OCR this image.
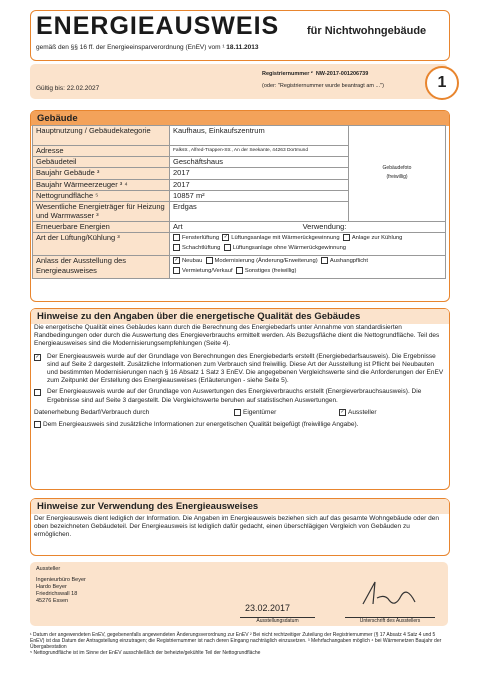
ENERGIEAUSWEIS	für Nichtwohngebäude
gemäß den §§ 16 ff. der Energieeinsparverordnung (EnEV) vom ¹ 18.11.2013
Registriernummer ² NW-2017-001206739
(oder: "Registriernummer wurde beantragt am ...")
Gültig bis: 22.02.2027	1
Gebäude
Hauptnutzung / Gebäudekategorie	Kaufhaus, Einkaufszentrum	Gebäudefoto
(freiwillig)
Adresse	Falkstr., Alfred-Trappen-Str., An der Seekante, 44263 Dortmund	
Gebäudeteil	Geschäftshaus	
Baujahr Gebäude ³	2017	
Baujahr Wärmeerzeuger ³ ⁴	2017	
Nettogrundfläche ⁵	10857 m²	
Wesentliche Energieträger für Heizung und Warmwasser ³	Erdgas	
Erneuerbare Energien	Art Verwendung:	
Art der Lüftung/Kühlung ³	Fensterlüftung ✓ Lüftungsanlage mit Wärmerückgewinnung Anlage zur Kühlung
Schachtlüftung Lüftungsanlage ohne Wärmerückgewinnung	
Anlass der Ausstellung des Energieausweises	✓ Neubau Modernisierung (Änderung/Erweiterung) Aushangpflicht
Vermietung/Verkauf Sonstiges (freiwillig)	
Hinweise zu den Angaben über die energetische Qualität des Gebäudes

Die energetische Qualität eines Gebäudes kann durch die Berechnung des Energiebedarfs unter Annahme von standardisierten Randbedingungen oder durch die Auswertung des Energieverbrauchs ermittelt werden. Als Bezugsfläche dient die Nettogrundfläche. Teil des Energieausweises sind die Modernisierungsempfehlungen (Seite 4).

✓ Der Energieausweis wurde auf der Grundlage von Berechnungen des Energiebedarfs erstellt (Energiebedarfsausweis). Die Ergebnisse sind auf Seite 2 dargestellt. Zusätzliche Informationen zum Verbrauch sind freiwillig. Diese Art der Ausstellung ist Pflicht bei Neubauten und bestimmten Modernisierungen nach § 16 Absatz 1 Satz 3 EnEV. Die angegebenen Vergleichswerte sind die Anforderungen der EnEV zum Zeitpunkt der Erstellung des Energieausweises (Erläuterungen - siehe Seite 5).

Der Energieausweis wurde auf der Grundlage von Auswertungen des Energieverbrauchs erstellt (Energieverbrauchsausweis). Die Ergebnisse sind auf Seite 3 dargestellt. Die Vergleichswerte beruhen auf statistischen Auswertungen.

Datenerhebung Bedarf/Verbrauch durch	Eigentümer	✓ Aussteller
Dem Energieausweis sind zusätzliche Informationen zur energetischen Qualität beigefügt (freiwillige Angabe).
Hinweise zur Verwendung des Energieausweises

Der Energieausweis dient lediglich der Information. Die Angaben im Energieausweis beziehen sich auf das gesamte Wohngebäude oder den oben bezeichneten Gebäudeteil. Der Energieausweis ist lediglich dafür gedacht, einen überschlägigen Vergleich von Gebäuden zu ermöglichen.

Aussteller
Ingenieurbüro Beyer
Hardo Beyer
Friedrichswall 18
45276 Essen
23.02.2017
Ausstellungsdatum	Unterschrift des Ausstellers
¹ Datum der angewendeten EnEV, gegebenenfalls angewendeten Änderungsverordnung zur EnEV ² Bei nicht rechtzeitiger Zuteilung der Registriernummer (§ 17 Absatz 4 Satz 4 und 5 EnEV) ist das Datum der Antragstellung einzutragen; die Registriernummer ist nach deren Eingang nachträglich einzusetzen. ³ Mehrfachangaben möglich ⁴ bei Wärmenetzen Baujahr der Übergabestation
⁵ Nettogrundfläche ist im Sinne der EnEV ausschließlich der beheizte/gekühlte Teil der Nettogrundfläche
